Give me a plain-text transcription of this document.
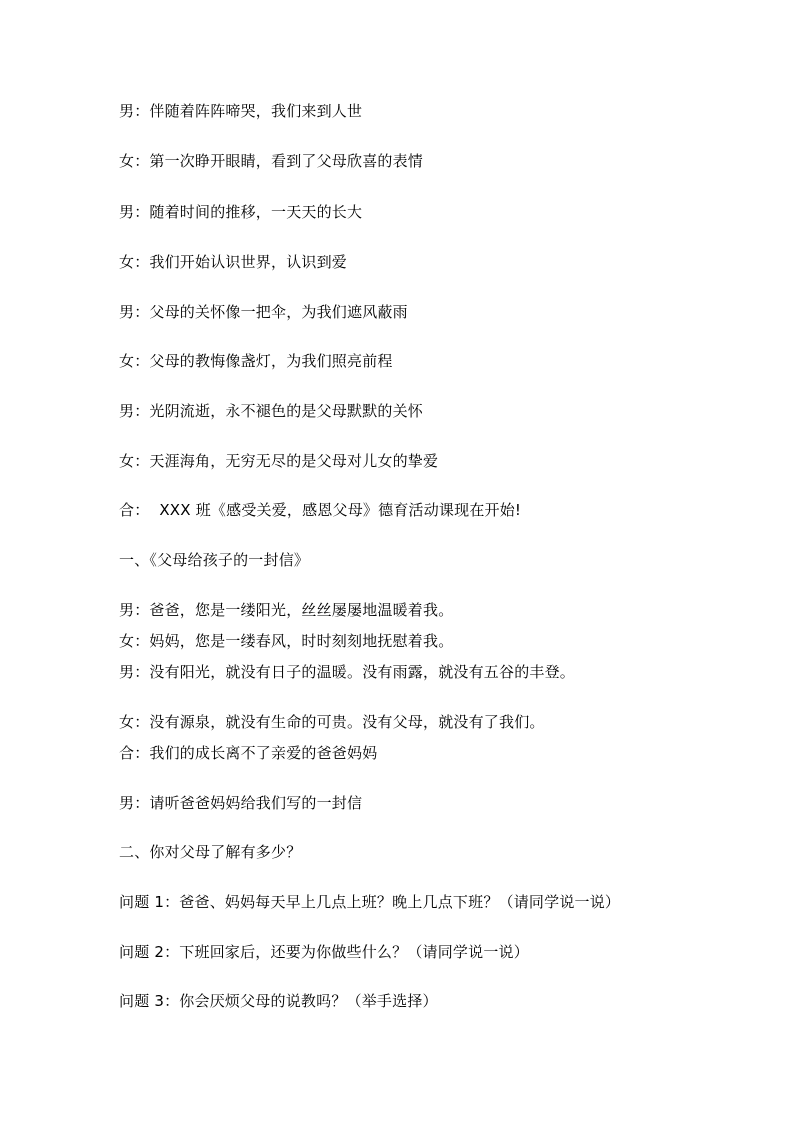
男：伴随着阵阵啼哭，我们来到人世
女：第一次睁开眼睛，看到了父母欣喜的表情
男：随着时间的推移，一天天的长大
女：我们开始认识世界，认识到爱
男：父母的关怀像一把伞，为我们遮风蔽雨
女：父母的教悔像盏灯，为我们照亮前程
男：光阴流逝，永不褪色的是父母默默的关怀
女：天涯海角，无穷无尽的是父母对儿女的挚爱
合：  XXX 班《感受关爱，感恩父母》德育活动课现在开始!
一、《父母给孩子的一封信》
男：爸爸，您是一缕阳光，丝丝屡屡地温暖着我。
女：妈妈，您是一缕春风，时时刻刻地抚慰着我。
男：没有阳光，就没有日子的温暖。没有雨露，就没有五谷的丰登。
女：没有源泉，就没有生命的可贵。没有父母，就没有了我们。
合：我们的成长离不了亲爱的爸爸妈妈
男：请听爸爸妈妈给我们写的一封信
二、你对父母了解有多少？
问题 1：爸爸、妈妈每天早上几点上班？晚上几点下班？（请同学说一说）
问题 2：下班回家后，还要为你做些什么？（请同学说一说）
问题 3：你会厌烦父母的说教吗？（举手选择）
